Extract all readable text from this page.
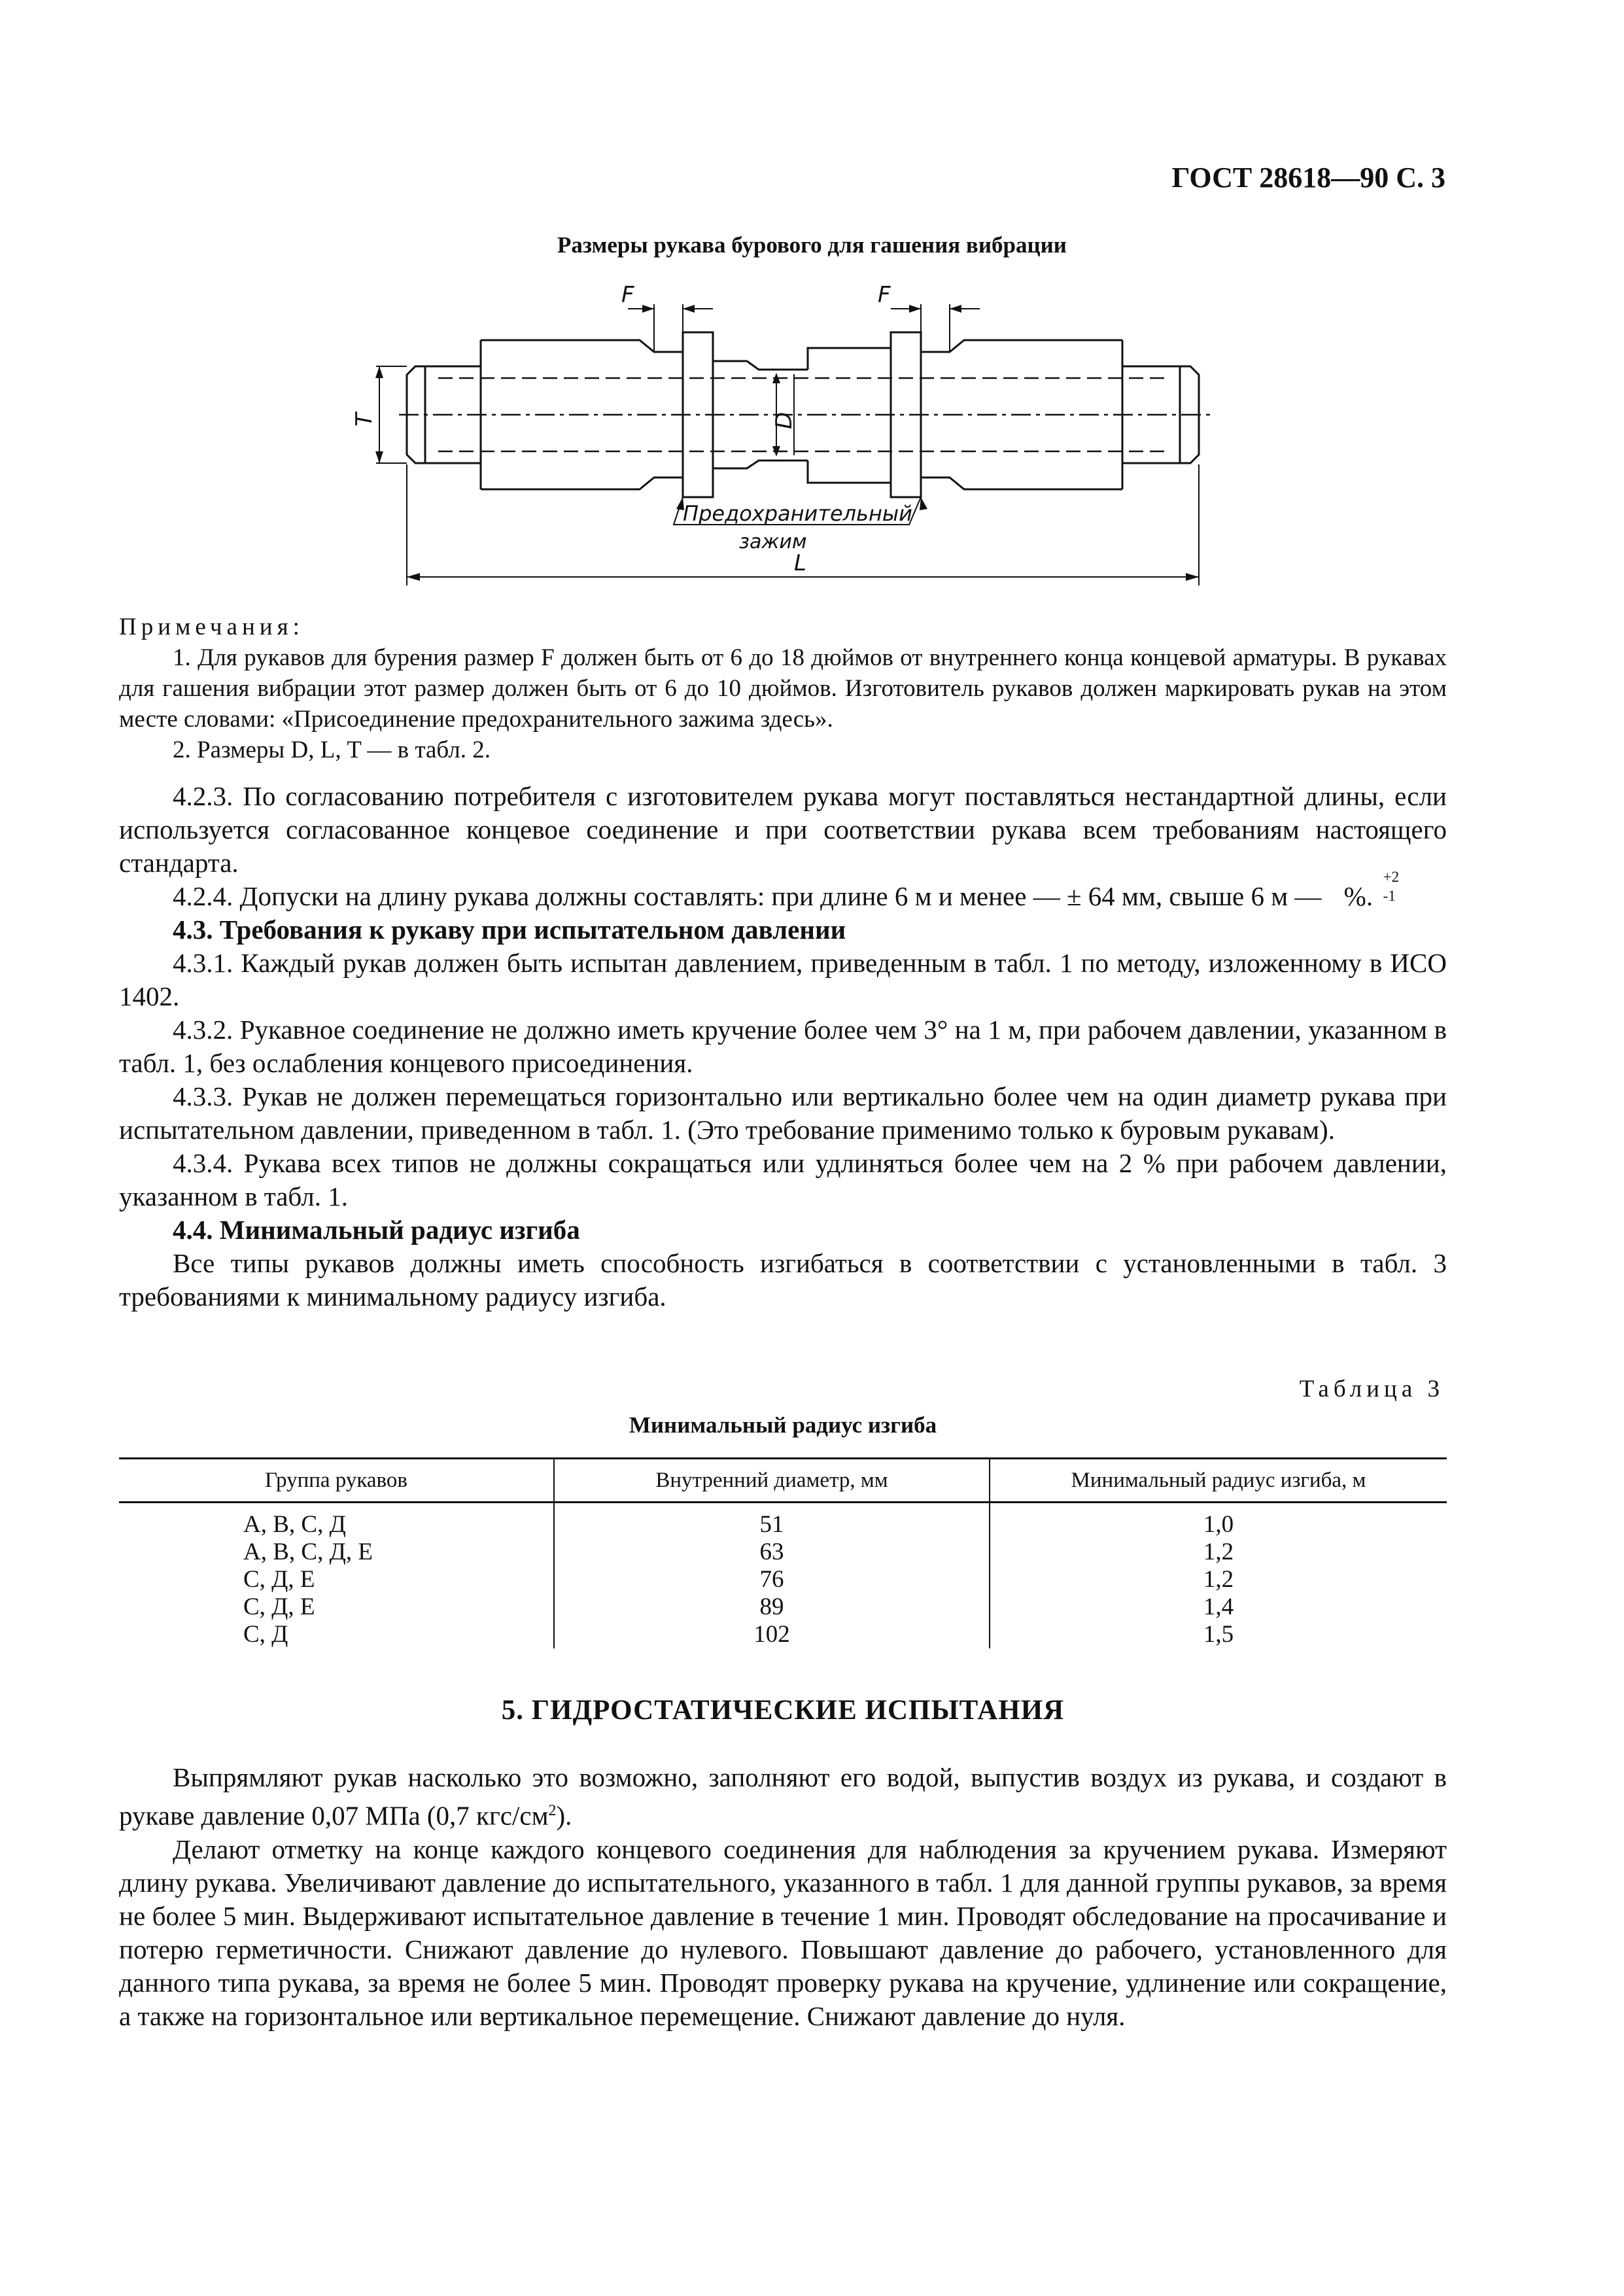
ГОСТ 28618—90 С. 3
Размеры рукава бурового для гашения вибрации
F	F
T	D
Предохранительный
зажим
L

Примечания:

1. Для рукавов для бурения размер F должен быть от 6 до 18 дюймов от внутреннего конца концевой арматуры. В рукавах для гашения вибрации этот размер должен быть от 6 до 10 дюймов. Изготовитель рукавов должен маркировать рукав на этом месте словами: «Присоединение предохранительного зажима здесь».

2. Размеры D, L, T — в табл. 2.

4.2.3. По согласованию потребителя с изготовителем рукава могут поставляться нестандартной длины, если используется согласованное концевое соединение и при соответствии рукава всем требованиям настоящего стандарта.

4.2.4. Допуски на длину рукава должны составлять: при длине 6 м и менее — ± 64 мм, свыше 6 м —
+2
-1
%.

4.3. Требования к рукаву при испытательном давлении

4.3.1. Каждый рукав должен быть испытан давлением, приведенным в табл. 1 по методу, изложенному в ИСО 1402.

4.3.2. Рукавное соединение не должно иметь кручение более чем 3° на 1 м, при рабочем давлении, указанном в табл. 1, без ослабления концевого присоединения.

4.3.3. Рукав не должен перемещаться горизонтально или вертикально более чем на один диаметр рукава при испытательном давлении, приведенном в табл. 1. (Это требование применимо только к буровым рукавам).

4.3.4. Рукава всех типов не должны сокращаться или удлиняться более чем на 2 % при рабочем давлении, указанном в табл. 1.

4.4. Минимальный радиус изгиба

Все типы рукавов должны иметь способность изгибаться в соответствии с установленными в табл. 3 требованиями к минимальному радиусу изгиба.

Таблица 3
Минимальный радиус изгиба
Группа рукавов	Внутренний диаметр, мм	Минимальный радиус изгиба, м
А, В, С, Д	51	1,0
А, В, С, Д, Е	63	1,2
С, Д, Е	76	1,2
С, Д, Е	89	1,4
С, Д	102	1,5
5. ГИДРОСТАТИЧЕСКИЕ ИСПЫТАНИЯ

Выпрямляют рукав насколько это возможно, заполняют его водой, выпустив воздух из рукава, и создают в рукаве давление 0,07 МПа (0,7 кгс/$см^2$).

Делают отметку на конце каждого концевого соединения для наблюдения за кручением рукава. Измеряют длину рукава. Увеличивают давление до испытательного, указанного в табл. 1 для данной группы рукавов, за время не более 5 мин. Выдерживают испытательное давление в течение 1 мин. Проводят обследование на просачивание и потерю герметичности. Снижают давление до нулевого. Повышают давление до рабочего, установленного для данного типа рукава, за время не более 5 мин. Проводят проверку рукава на кручение, удлинение или сокращение, а также на горизонтальное или вертикальное перемещение. Снижают давление до нуля.
